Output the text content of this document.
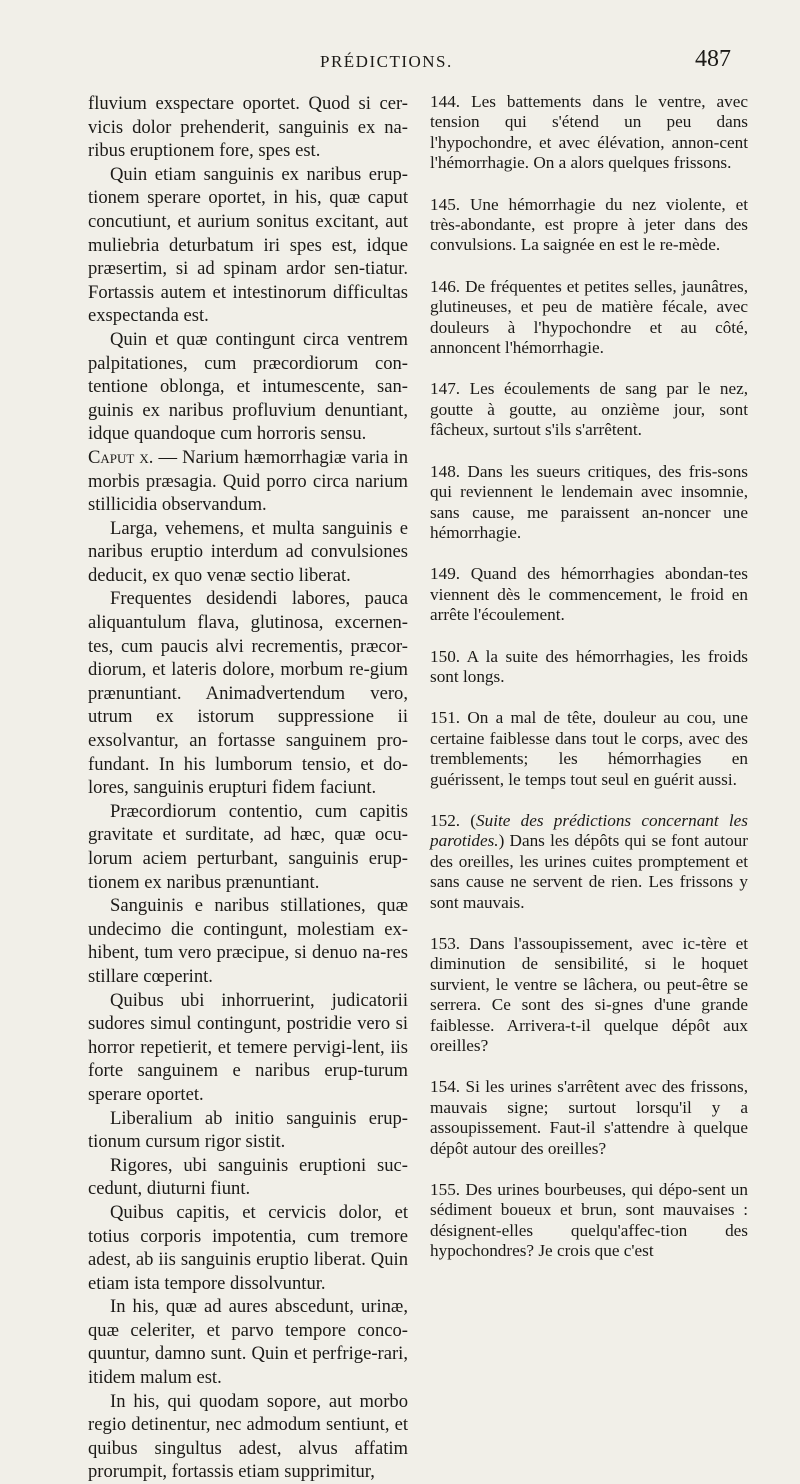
PRÉDICTIONS.	487

fluvium exspectare oportet. Quod si cer-vicis dolor prehenderit, sanguinis ex na-ribus eruptionem fore, spes est.

Quin etiam sanguinis ex naribus erup-tionem sperare oportet, in his, quæ caput concutiunt, et aurium sonitus excitant, aut muliebria deturbatum iri spes est, idque præsertim, si ad spinam ardor sen-tiatur. Fortassis autem et intestinorum difficultas exspectanda est.

Quin et quæ contingunt circa ventrem palpitationes, cum præcordiorum con-tentione oblonga, et intumescente, san-guinis ex naribus profluvium denuntiant, idque quandoque cum horroris sensu.

Caput x. — Narium hæmorrhagiæ varia in morbis præsagia. Quid porro circa narium stillicidia observandum.

Larga, vehemens, et multa sanguinis e naribus eruptio interdum ad convulsiones deducit, ex quo venæ sectio liberat.

Frequentes desidendi labores, pauca aliquantulum flava, glutinosa, excernen-tes, cum paucis alvi recrementis, præcor-diorum, et lateris dolore, morbum re-gium prænuntiant. Animadvertendum vero, utrum ex istorum suppressione ii exsolvantur, an fortasse sanguinem pro-fundant. In his lumborum tensio, et do-lores, sanguinis erupturi fidem faciunt.

Præcordiorum contentio, cum capitis gravitate et surditate, ad hæc, quæ ocu-lorum aciem perturbant, sanguinis erup-tionem ex naribus prænuntiant.

Sanguinis e naribus stillationes, quæ undecimo die contingunt, molestiam ex-hibent, tum vero præcipue, si denuo na-res stillare cœperint.

Quibus ubi inhorruerint, judicatorii sudores simul contingunt, postridie vero si horror repetierit, et temere pervigi-lent, iis forte sanguinem e naribus erup-turum sperare oportet.

Liberalium ab initio sanguinis erup-tionum cursum rigor sistit.

Rigores, ubi sanguinis eruptioni suc-cedunt, diuturni fiunt.

Quibus capitis, et cervicis dolor, et totius corporis impotentia, cum tremore adest, ab iis sanguinis eruptio liberat. Quin etiam ista tempore dissolvuntur.

In his, quæ ad aures abscedunt, urinæ, quæ celeriter, et parvo tempore conco-quuntur, damno sunt. Quin et perfrige-rari, itidem malum est.

In his, qui quodam sopore, aut morbo regio detinentur, nec admodum sentiunt, et quibus singultus adest, alvus affatim prorumpit, fortassis etiam supprimitur,

144. Les battements dans le ventre, avec tension qui s'étend un peu dans l'hypochondre, et avec élévation, annon-cent l'hémorrhagie. On a alors quelques frissons.

145. Une hémorrhagie du nez violente, et très-abondante, est propre à jeter dans des convulsions. La saignée en est le re-mède.

146. De fréquentes et petites selles, jaunâtres, glutineuses, et peu de matière fécale, avec douleurs à l'hypochondre et au côté, annoncent l'hémorrhagie.

147. Les écoulements de sang par le nez, goutte à goutte, au onzième jour, sont fâcheux, surtout s'ils s'arrêtent.

148. Dans les sueurs critiques, des fris-sons qui reviennent le lendemain avec insomnie, sans cause, me paraissent an-noncer une hémorrhagie.

149. Quand des hémorrhagies abondan-tes viennent dès le commencement, le froid en arrête l'écoulement.

150. A la suite des hémorrhagies, les froids sont longs.

151. On a mal de tête, douleur au cou, une certaine faiblesse dans tout le corps, avec des tremblements; les hémorrhagies en guérissent, le temps tout seul en guérit aussi.

152. (Suite des prédictions concernant les parotides.) Dans les dépôts qui se font autour des oreilles, les urines cuites promptement et sans cause ne servent de rien. Les frissons y sont mauvais.

153. Dans l'assoupissement, avec ic-tère et diminution de sensibilité, si le hoquet survient, le ventre se lâchera, ou peut-être se serrera. Ce sont des si-gnes d'une grande faiblesse. Arrivera-t-il quelque dépôt aux oreilles?

154. Si les urines s'arrêtent avec des frissons, mauvais signe; surtout lorsqu'il y a assoupissement. Faut-il s'attendre à quelque dépôt autour des oreilles?

155. Des urines bourbeuses, qui dépo-sent un sédiment boueux et brun, sont mauvaises : désignent-elles quelqu'affec-tion des hypochondres? Je crois que c'est
